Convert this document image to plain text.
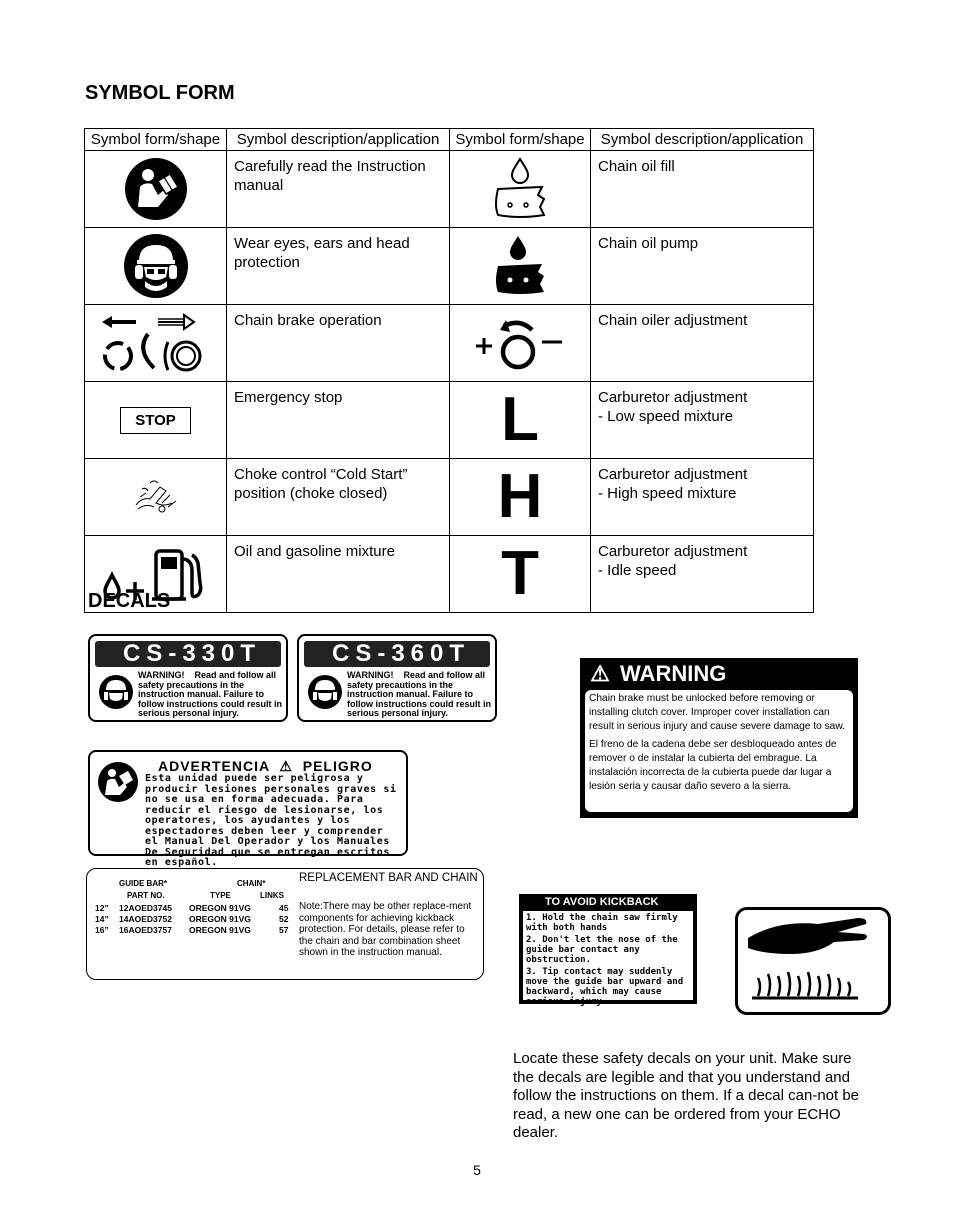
SYMBOL FORM
Symbol form/shape	Symbol description/application	Symbol form/shape	Symbol description/application

	Carefully read the Instruction manual		Chain oil fill

	Wear eyes, ears and head protection		Chain oil pump

	Chain brake operation		Chain oiler adjustment
STOP	Emergency stop	L	Carburetor adjustment
- Low speed mixture

	Choke control “Cold Start” position (choke closed)	H	Carburetor adjustment
- High speed mixture

	Oil and gasoline mixture	T	Carburetor adjustment
- Idle speed
DECALS
CS-330T
WARNING! Read and follow all safety precautions in the instruction manual. Failure to follow instructions could result in serious personal injury.
CS-360T
WARNING! Read and follow all safety precautions in the instruction manual. Failure to follow instructions could result in serious personal injury.
ADVERTENCIA ⚠ PELIGRO
Esta unidad puede ser peligrosa y producir lesiones personales graves si no se usa en forma adecuada. Para reducir el riesgo de lesionarse, los operatores, los ayudantes y los espectadores deben leer y comprender el Manual Del Operador y los Manuales De Seguridad que se entregan escritos en español.
GUIDE BAR*	CHAIN*
PART NO.	TYPE	LINKS
12” 12AOED3745 OREGON 91VG	45
14” 14AOED3752 OREGON 91VG	52
16” 16AOED3757 OREGON 91VG	57
REPLACEMENT BAR AND CHAIN
Note:There may be other replace-ment components for achieving kickback protection. For details, please refer to the chain and bar combination sheet shown in the instruction manual.
⚠ WARNING

Chain brake must be unlocked before removing or installing clutch cover. Improper cover installation can result in serious injury and cause severe damage to saw.

El freno de la cadena debe ser desbloqueado antes de remover o de instalar la cubierta del embrague. La instalación incorrecta de la cubierta puede dar lugar a lesión seria y causar daño severo a la sierra.

TO AVOID KICKBACK
1. Hold the chain saw firmly with both hands
2. Don't let the nose of the guide bar contact any obstruction.
3. Tip contact may suddenly move the guide bar upward and backward, which may cause serious injury
Locate these safety decals on your unit. Make sure the decals are legible and that you understand and follow the instructions on them. If a decal can-not be read, a new one can be ordered from your ECHO dealer.
5
